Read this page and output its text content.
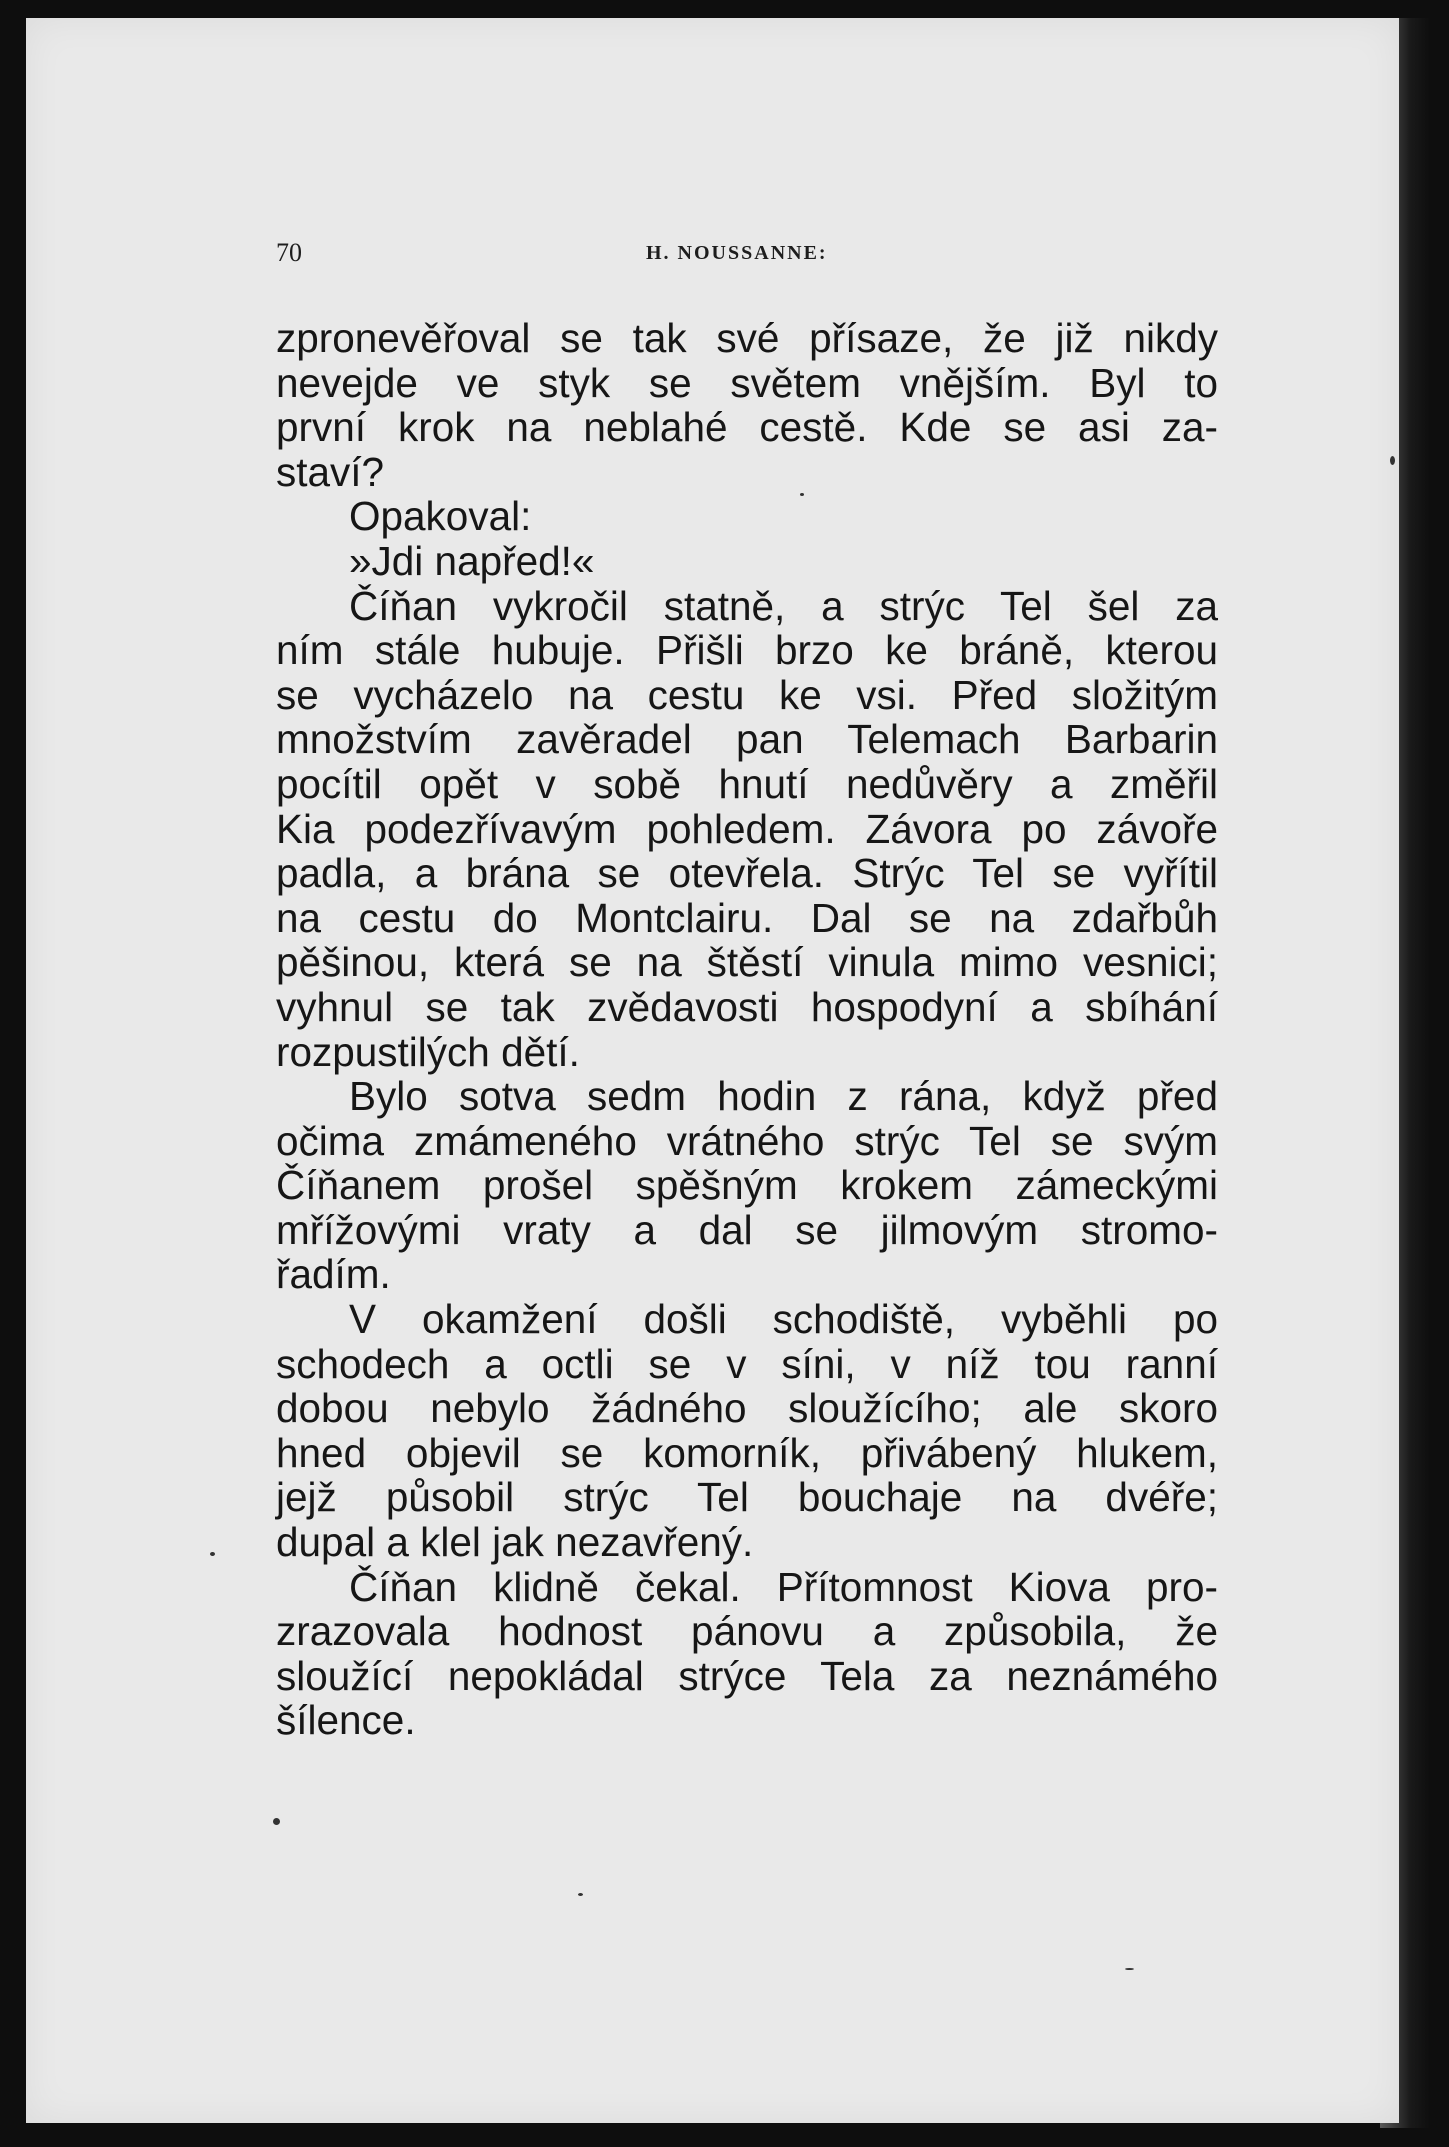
70	H. NOUSSANNE:
zpronevěřoval se tak své přísaze, že již nikdy
nevejde ve styk se světem vnějším. Byl to
první krok na neblahé cestě. Kde se asi za-
staví?
Opakoval:
»Jdi napřed!«
Číňan vykročil statně, a strýc Tel šel za
ním stále hubuje. Přišli brzo ke bráně, kterou
se vycházelo na cestu ke vsi. Před složitým
množstvím zavěradel pan Telemach Barbarin
pocítil opět v sobě hnutí nedůvěry a změřil
Kia podezřívavým pohledem. Závora po závoře
padla, a brána se otevřela. Strýc Tel se vyřítil
na cestu do Montclairu. Dal se na zdařbůh
pěšinou, která se na štěstí vinula mimo vesnici;
vyhnul se tak zvědavosti hospodyní a sbíhání
rozpustilých dětí.
Bylo sotva sedm hodin z rána, když před
očima zmámeného vrátného strýc Tel se svým
Číňanem prošel spěšným krokem zámeckými
mřížovými vraty a dal se jilmovým stromo-
řadím.
V okamžení došli schodiště, vyběhli po
schodech a octli se v síni, v níž tou ranní
dobou nebylo žádného sloužícího; ale skoro
hned objevil se komorník, přivábený hlukem,
jejž působil strýc Tel bouchaje na dvéře;
dupal a klel jak nezavřený.
Číňan klidně čekal. Přítomnost Kiova pro-
zrazovala hodnost pánovu a způsobila, že
sloužící nepokládal strýce Tela za neznámého
šílence.
